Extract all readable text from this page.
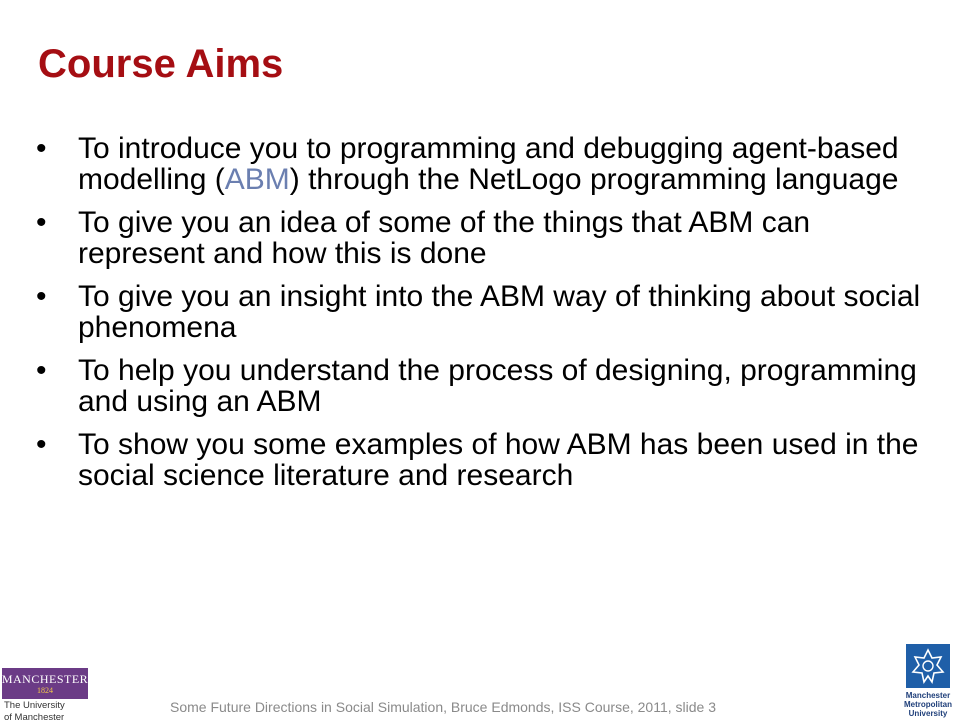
Course Aims
• To introduce you to programming and debugging agent-based modelling (ABM) through the NetLogo programming language
• To give you an idea of some of the things that ABM can represent and how this is done
• To give you an insight into the ABM way of thinking about social phenomena
• To help you understand the process of designing, programming and using an ABM
• To show you some examples of how ABM has been used in the social science literature and research
MANCHESTER
1824
The University
of Manchester
Some Future Directions in Social Simulation, Bruce Edmonds, ISS Course, 2011, slide 3
Manchester
Metropolitan
University
